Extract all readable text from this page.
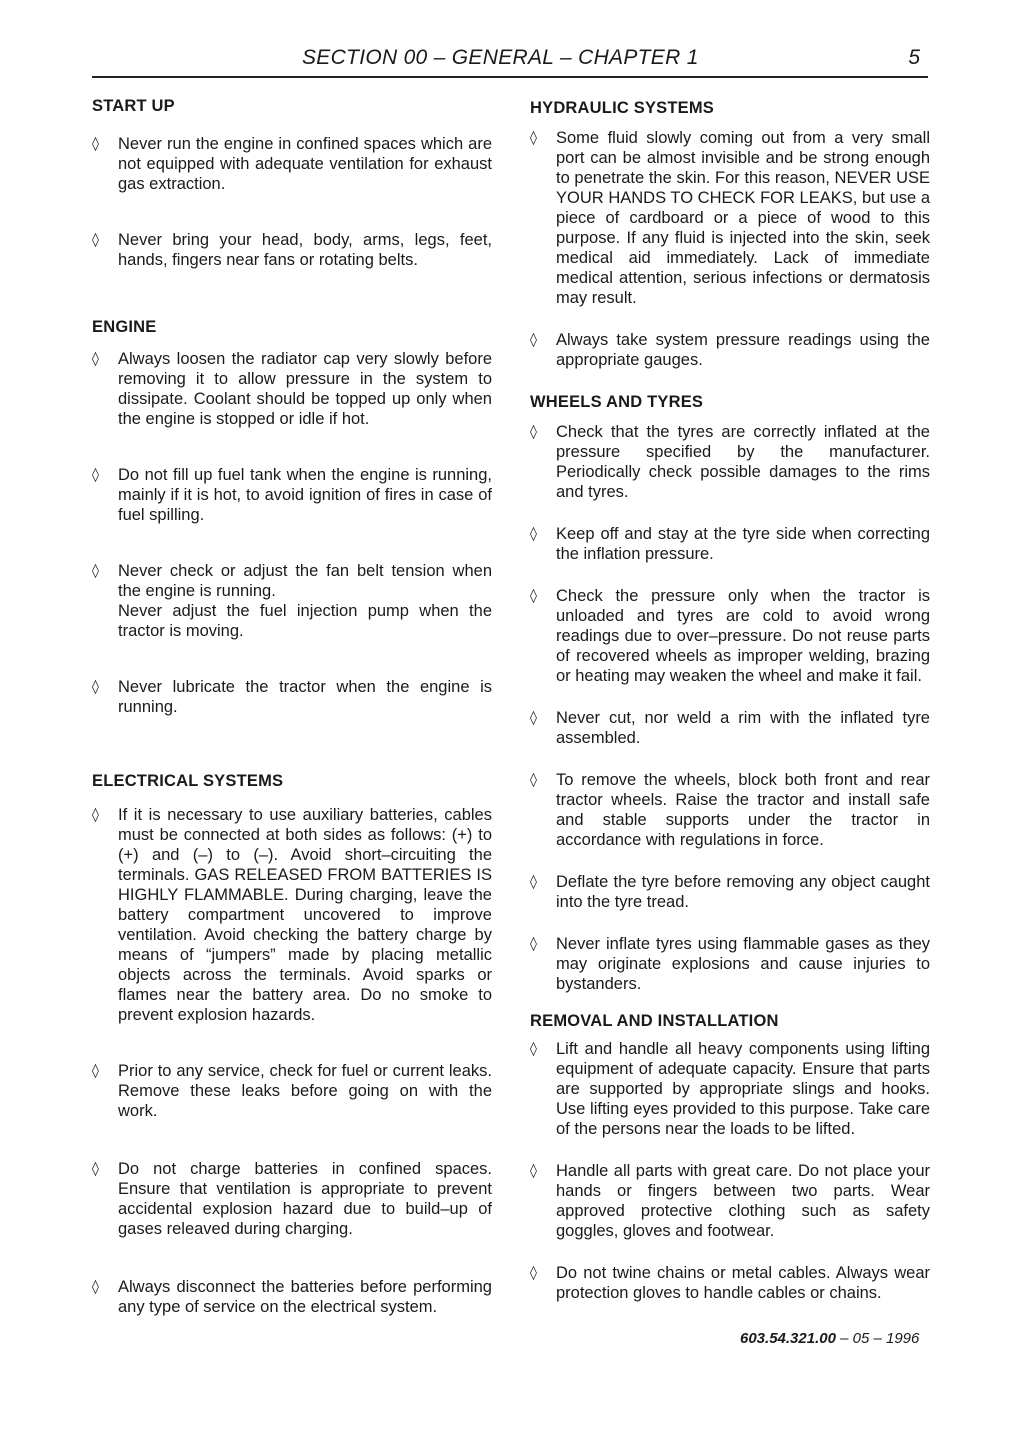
SECTION 00 – GENERAL – CHAPTER 1	5
START UP
◊	Never run the engine in confined spaces which are not equipped with adequate ventilation for exhaust gas extraction.
◊	Never bring your head, body, arms, legs, feet, hands, fingers near fans or rotating belts.
ENGINE
◊	Always loosen the radiator cap very slowly before removing it to allow pressure in the system to dissipate. Coolant should be topped up only when the engine is stopped or idle if hot.
◊	Do not fill up fuel tank when the engine is running, mainly if it is hot, to avoid ignition of fires in case of fuel spilling.
◊	Never check or adjust the fan belt tension when the engine is running.
Never adjust the fuel injection pump when the tractor is moving.
◊	Never lubricate the tractor when the engine is running.
ELECTRICAL SYSTEMS
◊	If it is necessary to use auxiliary batteries, cables must be connected at both sides as follows: (+) to (+) and (–) to (–). Avoid short–circuiting the terminals. GAS RELEASED FROM BATTERIES IS HIGHLY FLAMMABLE. During charging, leave the battery compartment uncovered to improve ventilation. Avoid checking the battery charge by means of “jumpers” made by placing metallic objects across the terminals. Avoid sparks or flames near the battery area. Do no smoke to prevent explosion hazards.
◊	Prior to any service, check for fuel or current leaks. Remove these leaks before going on with the work.
◊	Do not charge batteries in confined spaces. Ensure that ventilation is appropriate to prevent accidental explosion hazard due to build–up of gases releaved during charging.
◊	Always disconnect the batteries before performing any type of service on the electrical system.
HYDRAULIC SYSTEMS
◊	Some fluid slowly coming out from a very small port can be almost invisible and be strong enough to penetrate the skin. For this reason, NEVER USE YOUR HANDS TO CHECK FOR LEAKS, but use a piece of cardboard or a piece of wood to this purpose. If any fluid is injected into the skin, seek medical aid immediately. Lack of immediate medical attention, serious infections or dermatosis may result.
◊	Always take system pressure readings using the appropriate gauges.
WHEELS AND TYRES
◊	Check that the tyres are correctly inflated at the pressure specified by the manufacturer. Periodically check possible damages to the rims and tyres.
◊	Keep off and stay at the tyre side when correcting the inflation pressure.
◊	Check the pressure only when the tractor is unloaded and tyres are cold to avoid wrong readings due to over–pressure. Do not reuse parts of recovered wheels as improper welding, brazing or heating may weaken the wheel and make it fail.
◊	Never cut, nor weld a rim with the inflated tyre assembled.
◊	To remove the wheels, block both front and rear tractor wheels. Raise the tractor and install safe and stable supports under the tractor in accordance with regulations in force.
◊	Deflate the tyre before removing any object caught into the tyre tread.
◊	Never inflate tyres using flammable gases as they may originate explosions and cause injuries to bystanders.
REMOVAL AND INSTALLATION
◊	Lift and handle all heavy components using lifting equipment of adequate capacity. Ensure that parts are supported by appropriate slings and hooks. Use lifting eyes provided to this purpose. Take care of the persons near the loads to be lifted.
◊	Handle all parts with great care. Do not place your hands or fingers between two parts. Wear approved protective clothing such as safety goggles, gloves and footwear.
◊	Do not twine chains or metal cables. Always wear protection gloves to handle cables or chains.
603.54.321.00 – 05 – 1996
